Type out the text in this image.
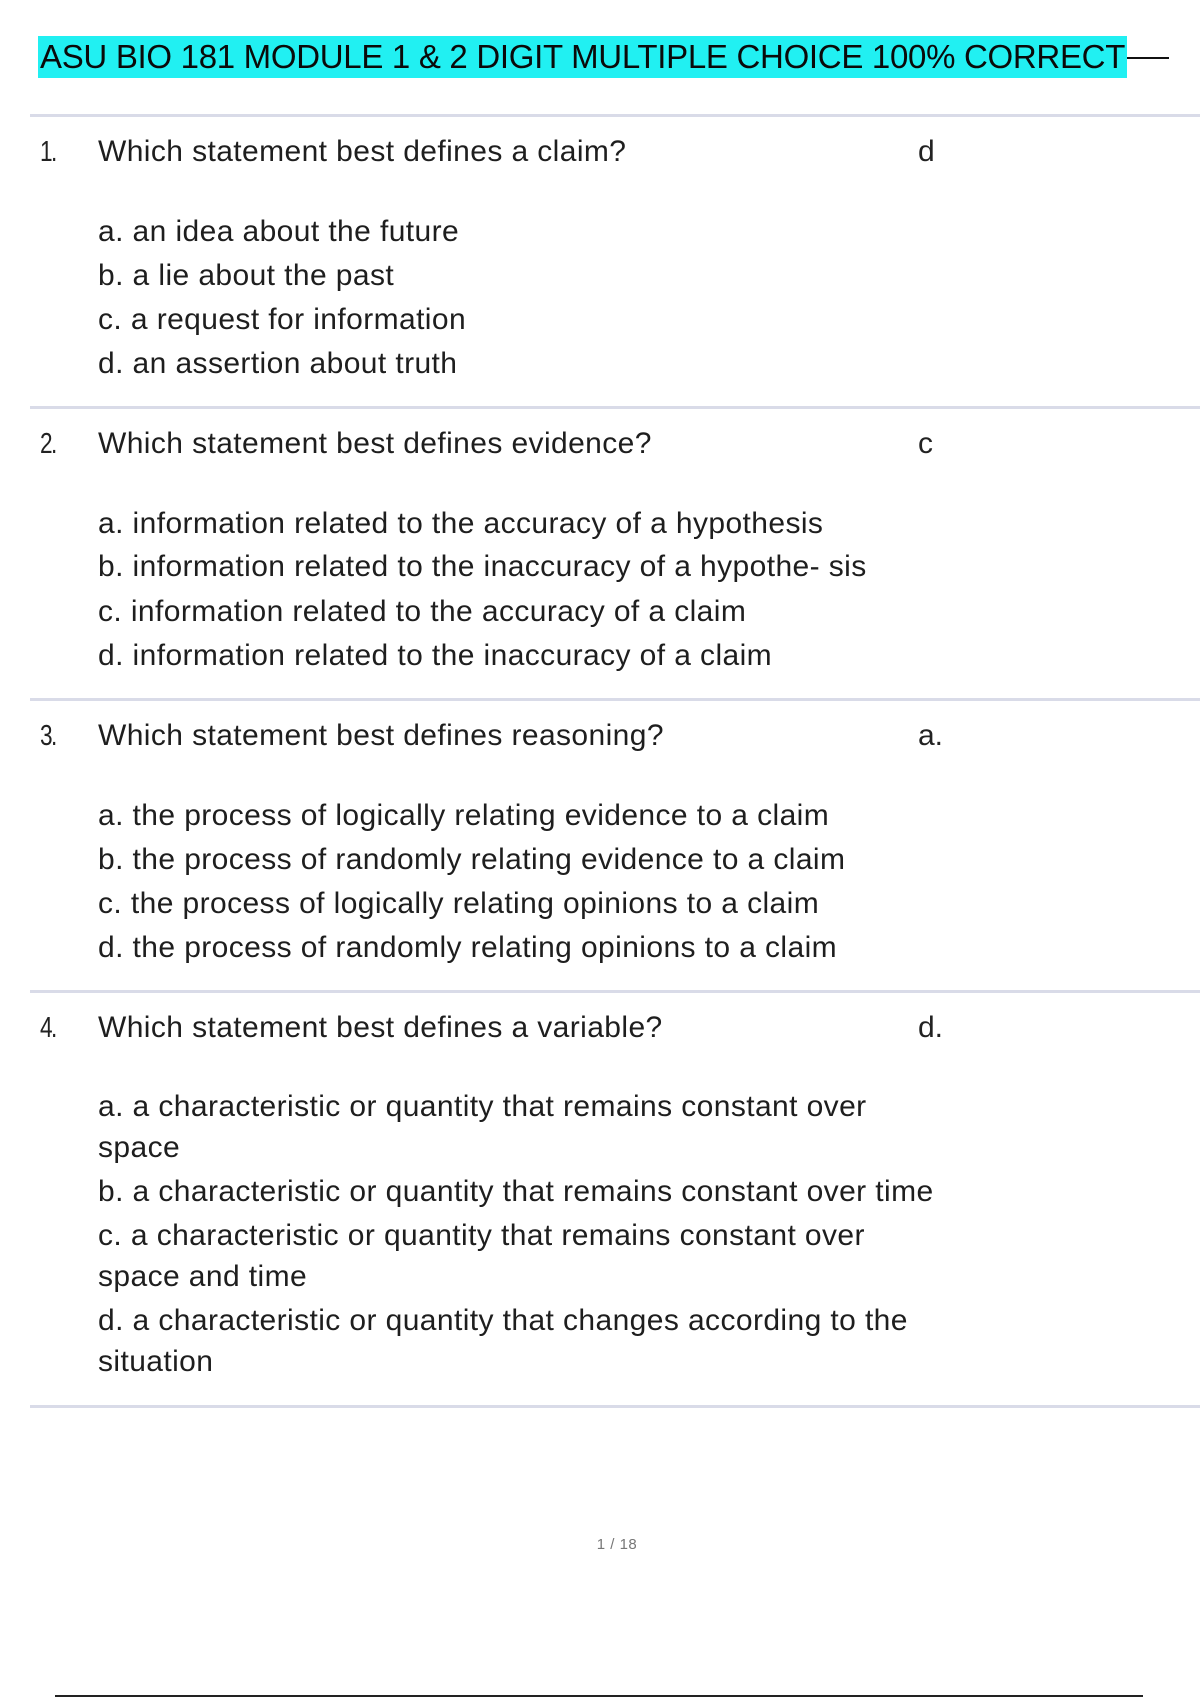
ASU BIO 181 MODULE 1 & 2 DIGIT MULTIPLE CHOICE 100% CORRECT
1. Which statement best defines a claim?
a. an idea about the future
b. a lie about the past
c. a request for information
d. an assertion about truth
d
2. Which statement best defines evidence?
a. information related to the accuracy of a hypothesis
b. information related to the inaccuracy of a hypothe- sis
c. information related to the accuracy of a claim
d. information related to the inaccuracy of a claim
c
3. Which statement best defines reasoning?
a. the process of logically relating evidence to a claim
b. the process of randomly relating evidence to a claim
c. the process of logically relating opinions to a claim
d. the process of randomly relating opinions to a claim
a.
4. Which statement best defines a variable?
a. a characteristic or quantity that remains constant over space
b. a characteristic or quantity that remains constant over time
c. a characteristic or quantity that remains constant over space and time
d. a characteristic or quantity that changes according to the situation
d.
1 / 18
